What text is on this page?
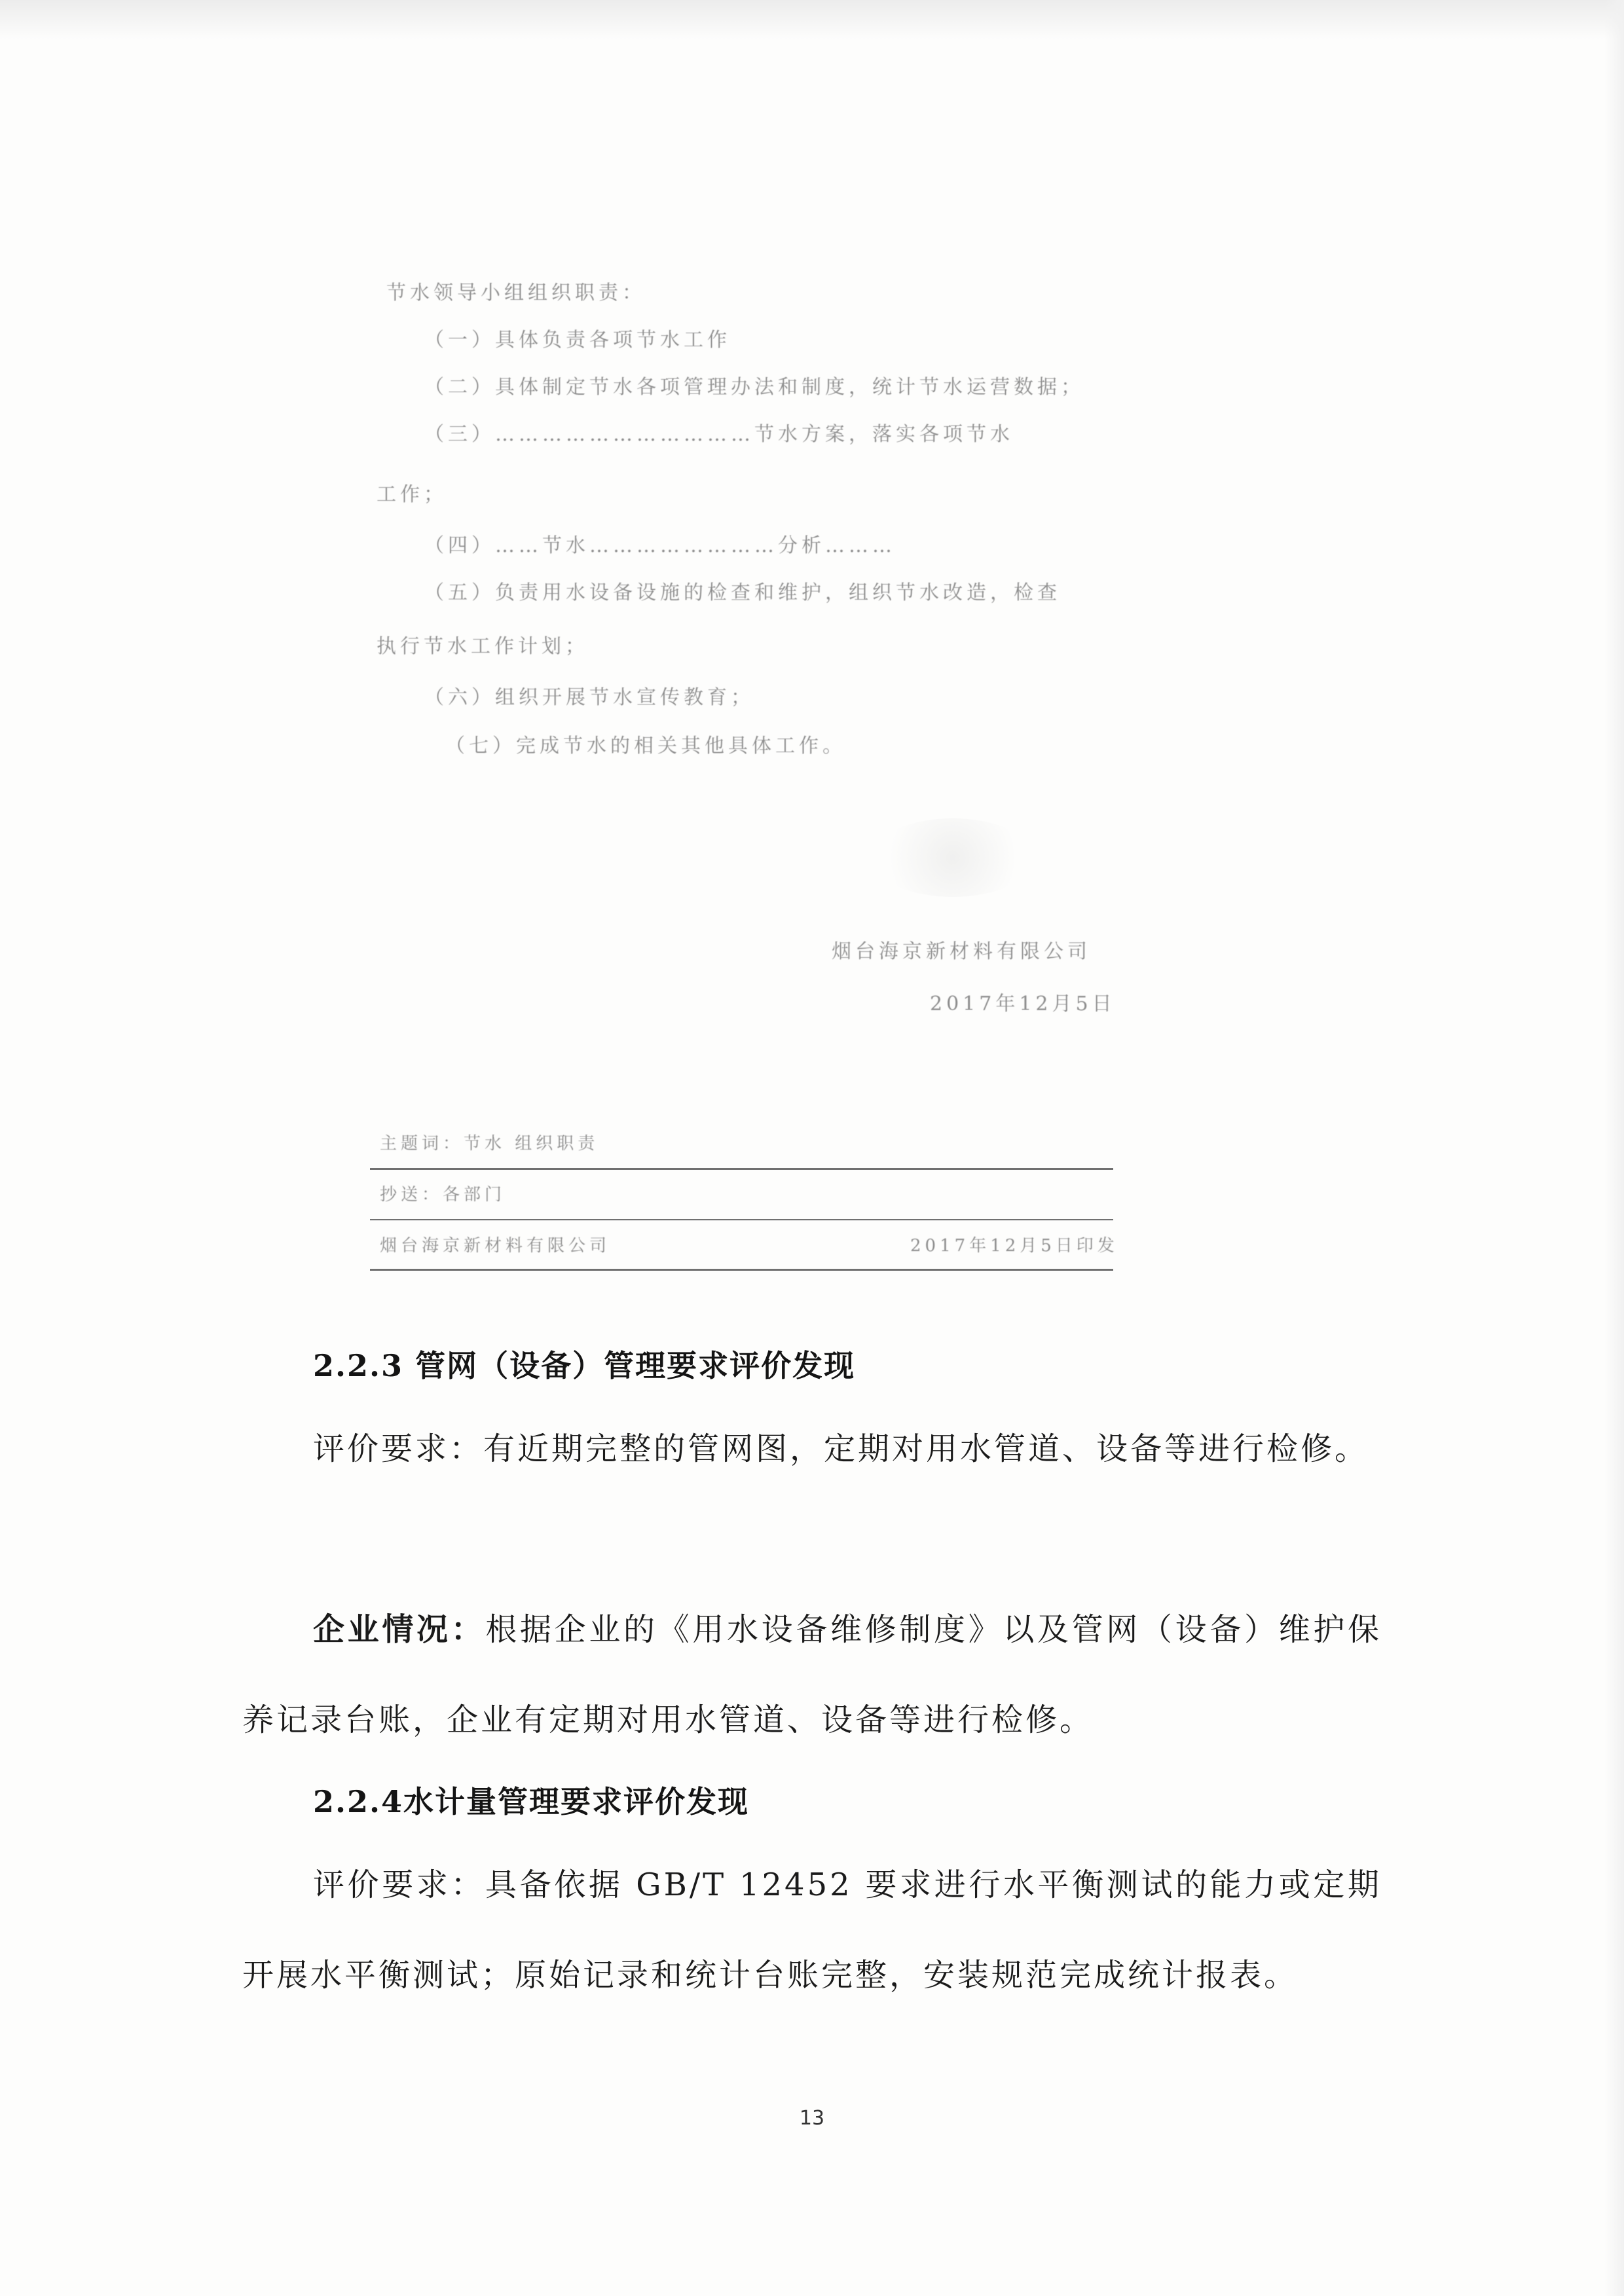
节水领导小组组织职责：
（一）具体负责各项节水工作
（二）具体制定节水各项管理办法和制度，统计节水运营数据；
（三）……………………………节水方案，落实各项节水
工作；
（四）……节水……………………分析………
（五）负责用水设备设施的检查和维护，组织节水改造，检查
执行节水工作计划；
（六）组织开展节水宣传教育；
（七）完成节水的相关其他具体工作。
烟台海京新材料有限公司
2017年12月5日
主题词：节水 组织职责
抄送：各部门
烟台海京新材料有限公司	2017年12月5日印发
2.2.3 管网（设备）管理要求评价发现
评价要求：有近期完整的管网图，定期对用水管道、设备等进行检修。
企业情况：根据企业的《用水设备维修制度》以及管网（设备）维护保养记录台账，企业有定期对用水管道、设备等进行检修。
2.2.4水计量管理要求评价发现
评价要求：具备依据 GB/T 12452 要求进行水平衡测试的能力或定期开展水平衡测试；原始记录和统计台账完整，安装规范完成统计报表。
13
